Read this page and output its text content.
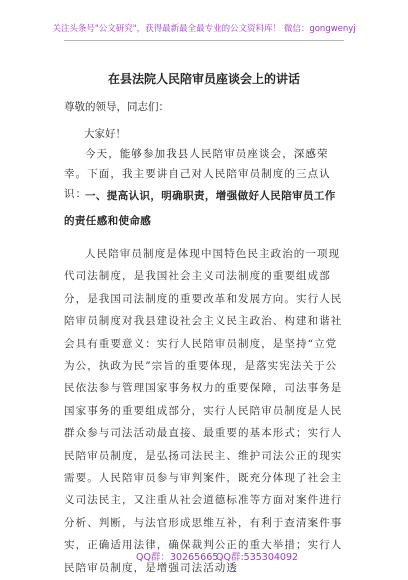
关注头条号"公文研究"，获得最新最全最专业的公文资料库！ 微信：gongwenyj
在县法院人民陪审员座谈会上的讲话
尊敬的领导，同志们：
大家好！
今天，能够参加我县人民陪审员座谈会，深感荣幸。下面，我主要讲自己对人民陪审员制度的三点认识：
一、提高认识，明确职责，增强做好人民陪审员工作的责任感和使命感
人民陪审员制度是体现中国特色民主政治的一项现代司法制度，是我国社会主义司法制度的重要组成部分，是我国司法制度的重要改革和发展方向。实行人民陪审员制度对我县建设社会主义民主政治、构建和谐社会具有重要意义：实行人民陪审员制度，是坚持“立党为公，执政为民”宗旨的重要体现，是落实宪法关于公民依法参与管理国家事务权力的重要保障，司法事务是国家事务的重要组成部分，实行人民陪审员制度是人民群众参与司法活动最直接、最重要的基本形式；实行人民陪审员制度，是弘扬司法民主、维护司法公正的现实需要。人民陪审员参与审判案件，既充分体现了社会主义司法民主，又注重从社会道德标准等方面对案件进行分析、判断，与法官形成思维互补，有利于查清案件事实，正确适用法律，确保裁判公正的重大举措；实行人民陪审员制度，是增强司法活动透
QQ群：30265665
QQ群:535304092
